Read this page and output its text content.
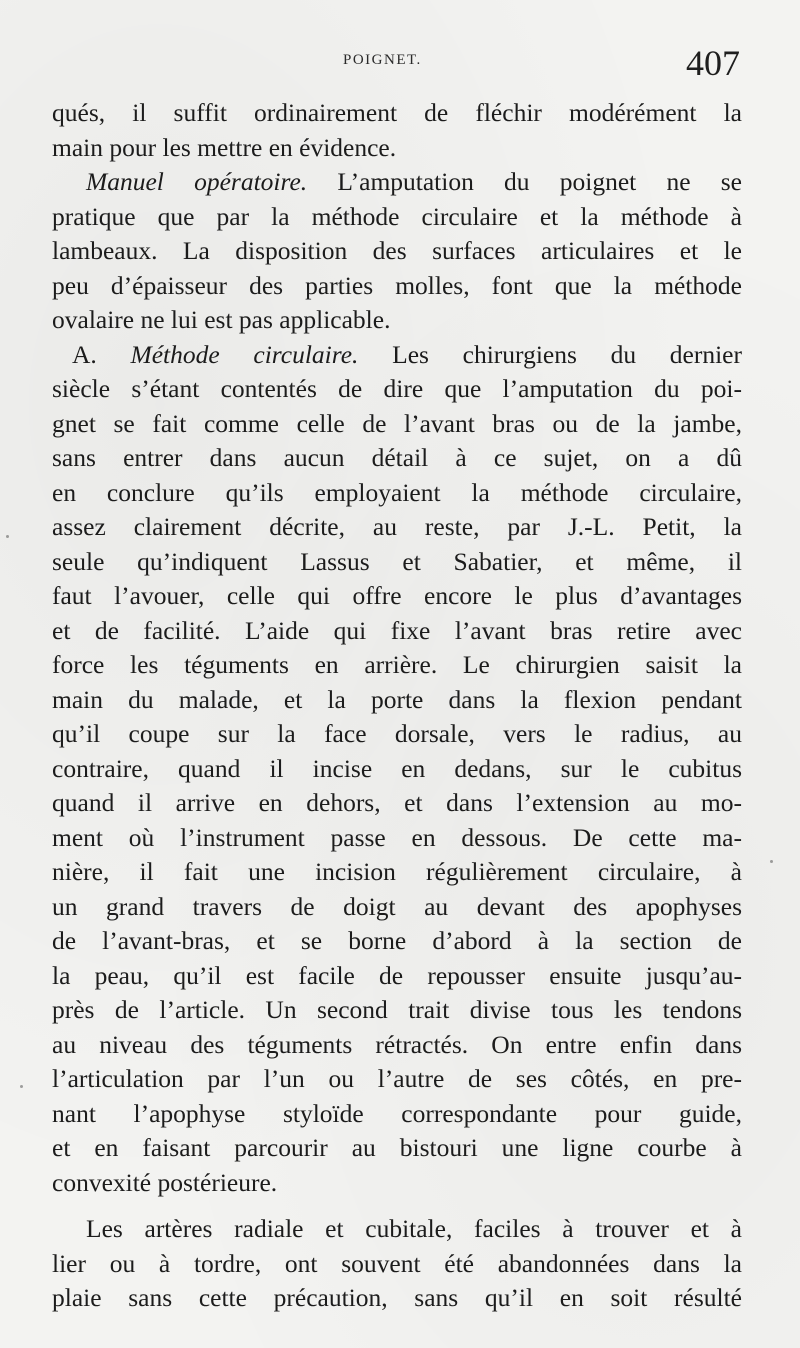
POIGNET.	407
qués, il suffit ordinairement de fléchir modérément la
main pour les mettre en évidence.
Manuel opératoire. L’amputation du poignet ne se
pratique que par la méthode circulaire et la méthode à
lambeaux. La disposition des surfaces articulaires et le
peu d’épaisseur des parties molles, font que la méthode
ovalaire ne lui est pas applicable.
A. Méthode circulaire. Les chirurgiens du dernier
siècle s’étant contentés de dire que l’amputation du poi-
gnet se fait comme celle de l’avant bras ou de la jambe,
sans entrer dans aucun détail à ce sujet, on a dû
en conclure qu’ils employaient la méthode circulaire,
assez clairement décrite, au reste, par J.-L. Petit, la
seule qu’indiquent Lassus et Sabatier, et même, il
faut l’avouer, celle qui offre encore le plus d’avantages
et de facilité. L’aide qui fixe l’avant bras retire avec
force les téguments en arrière. Le chirurgien saisit la
main du malade, et la porte dans la flexion pendant
qu’il coupe sur la face dorsale, vers le radius, au
contraire, quand il incise en dedans, sur le cubitus
quand il arrive en dehors, et dans l’extension au mo-
ment où l’instrument passe en dessous. De cette ma-
nière, il fait une incision régulièrement circulaire, à
un grand travers de doigt au devant des apophyses
de l’avant-bras, et se borne d’abord à la section de
la peau, qu’il est facile de repousser ensuite jusqu’au-
près de l’article. Un second trait divise tous les tendons
au niveau des téguments rétractés. On entre enfin dans
l’articulation par l’un ou l’autre de ses côtés, en pre-
nant l’apophyse styloïde correspondante pour guide,
et en faisant parcourir au bistouri une ligne courbe à
convexité postérieure.
Les artères radiale et cubitale, faciles à trouver et à
lier ou à tordre, ont souvent été abandonnées dans la
plaie sans cette précaution, sans qu’il en soit résulté
